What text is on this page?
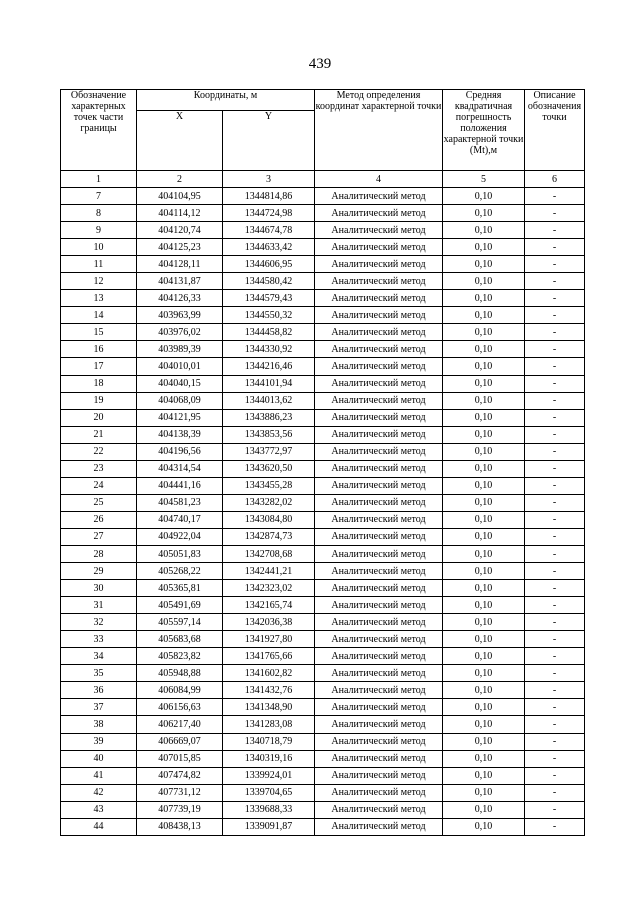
439
Обозначение характерных точек части границы	Координаты, м		Метод определения координат характерной точки	Средняя квадратичная погрешность положения характерной точки (Mt),м	Описание обозначения точки
	X	Y			
1	2	3	4	5	6
7	404104,95	1344814,86	Аналитический метод	0,10	-
8	404114,12	1344724,98	Аналитический метод	0,10	-
9	404120,74	1344674,78	Аналитический метод	0,10	-
10	404125,23	1344633,42	Аналитический метод	0,10	-
11	404128,11	1344606,95	Аналитический метод	0,10	-
12	404131,87	1344580,42	Аналитический метод	0,10	-
13	404126,33	1344579,43	Аналитический метод	0,10	-
14	403963,99	1344550,32	Аналитический метод	0,10	-
15	403976,02	1344458,82	Аналитический метод	0,10	-
16	403989,39	1344330,92	Аналитический метод	0,10	-
17	404010,01	1344216,46	Аналитический метод	0,10	-
18	404040,15	1344101,94	Аналитический метод	0,10	-
19	404068,09	1344013,62	Аналитический метод	0,10	-
20	404121,95	1343886,23	Аналитический метод	0,10	-
21	404138,39	1343853,56	Аналитический метод	0,10	-
22	404196,56	1343772,97	Аналитический метод	0,10	-
23	404314,54	1343620,50	Аналитический метод	0,10	-
24	404441,16	1343455,28	Аналитический метод	0,10	-
25	404581,23	1343282,02	Аналитический метод	0,10	-
26	404740,17	1343084,80	Аналитический метод	0,10	-
27	404922,04	1342874,73	Аналитический метод	0,10	-
28	405051,83	1342708,68	Аналитический метод	0,10	-
29	405268,22	1342441,21	Аналитический метод	0,10	-
30	405365,81	1342323,02	Аналитический метод	0,10	-
31	405491,69	1342165,74	Аналитический метод	0,10	-
32	405597,14	1342036,38	Аналитический метод	0,10	-
33	405683,68	1341927,80	Аналитический метод	0,10	-
34	405823,82	1341765,66	Аналитический метод	0,10	-
35	405948,88	1341602,82	Аналитический метод	0,10	-
36	406084,99	1341432,76	Аналитический метод	0,10	-
37	406156,63	1341348,90	Аналитический метод	0,10	-
38	406217,40	1341283,08	Аналитический метод	0,10	-
39	406669,07	1340718,79	Аналитический метод	0,10	-
40	407015,85	1340319,16	Аналитический метод	0,10	-
41	407474,82	1339924,01	Аналитический метод	0,10	-
42	407731,12	1339704,65	Аналитический метод	0,10	-
43	407739,19	1339688,33	Аналитический метод	0,10	-
44	408438,13	1339091,87	Аналитический метод	0,10	-
